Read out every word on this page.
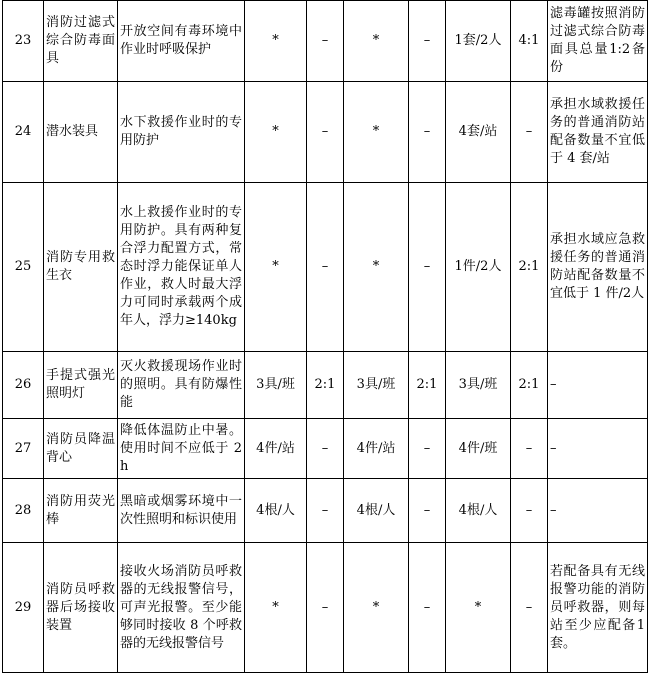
23	消防过滤式综合防毒面具	开放空间有毒环境中作业时呼吸保护	*	–	*	–	1套/2人	4:1	滤毒罐按照消防过滤式综合防毒面具总量1:2备份
24	潜水装具	水下救援作业时的专用防护	*	–	*	–	4套/站	–	承担水域救援任务的普通消防站配备数量不宜低于 4 套/站
25	消防专用救生衣	水上救援作业时的专用防护。具有两种复合浮力配置方式，常态时浮力能保证单人作业，救人时最大浮力可同时承载两个成年人，浮力≥140kg	*	–	*	–	1件/2人	2:1	承担水域应急救援任务的普通消防站配备数量不宜低于 1 件/2人
26	手提式强光照明灯	灭火救援现场作业时的照明。具有防爆性能	3具/班	2:1	3具/班	2:1	3具/班	2:1	–
27	消防员降温背心	降低体温防止中暑。使用时间不应低于 2h	4件/站	–	4件/站	–	4件/班	–	–
28	消防用荧光棒	黑暗或烟雾环境中一次性照明和标识使用	4根/人	–	4根/人	–	4根/人	–	–
29	消防员呼救器后场接收装置	接收火场消防员呼救器的无线报警信号，可声光报警。至少能够同时接收 8 个呼救器的无线报警信号	*	–	*	–	*	–	若配备具有无线报警功能的消防员呼救器，则每站至少应配备1套。
